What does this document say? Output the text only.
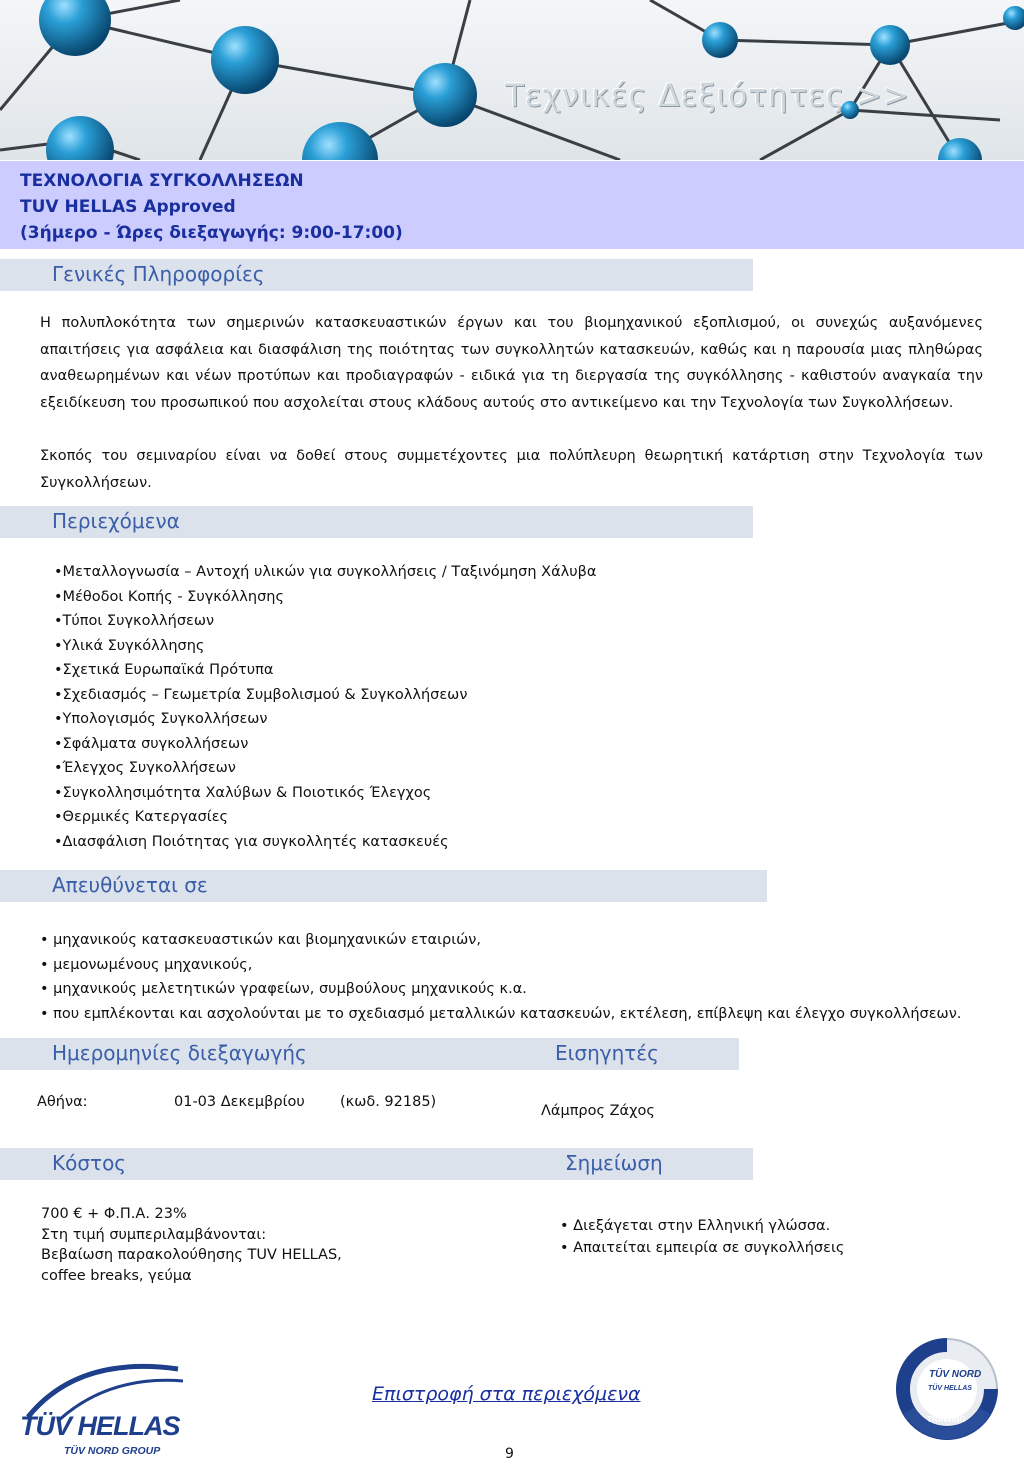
Τεχνικές Δεξιότητες >>
ΤΕΧΝΟΛΟΓΙΑ ΣΥΓΚΟΛΛΗΣΕΩΝ
TUV HELLAS Approved
(3ήμερο - Ώρες διεξαγωγής: 9:00-17:00)
Γενικές Πληροφορίες
Η πολυπλοκότητα των σημερινών κατασκευαστικών έργων και του βιομηχανικού εξοπλισμού, οι συνεχώς αυξανόμενες απαιτήσεις για ασφάλεια και διασφάλιση της ποιότητας των συγκολλητών κατασκευών, καθώς και η παρουσία μιας πληθώρας αναθεωρημένων και νέων προτύπων και προδιαγραφών - ειδικά για τη διεργασία της συγκόλλησης - καθιστούν αναγκαία την εξειδίκευση του προσωπικού που ασχολείται στους κλάδους αυτούς στο αντικείμενο και την Τεχνολογία των Συγκολλήσεων.
Σκοπός του σεμιναρίου είναι να δοθεί στους συμμετέχοντες μια πολύπλευρη θεωρητική κατάρτιση στην Τεχνολογία των Συγκολλήσεων.
Περιεχόμενα
•Μεταλλογνωσία – Αντοχή υλικών για συγκολλήσεις / Ταξινόμηση Χάλυβα
•Μέθοδοι Κοπής - Συγκόλλησης
•Τύποι Συγκολλήσεων
•Υλικά Συγκόλλησης
•Σχετικά Ευρωπαϊκά Πρότυπα
•Σχεδιασμός – Γεωμετρία Συμβολισμού & Συγκολλήσεων
•Υπολογισμός Συγκολλήσεων
•Σφάλματα συγκολλήσεων
•Έλεγχος Συγκολλήσεων
•Συγκολλησιμότητα Χαλύβων & Ποιοτικός Έλεγχος
•Θερμικές Κατεργασίες
•Διασφάλιση Ποιότητας για συγκολλητές κατασκευές
Απευθύνεται σε
• μηχανικούς κατασκευαστικών και βιομηχανικών εταιριών,
• μεμονωμένους μηχανικούς,
• μηχανικούς μελετητικών γραφείων, συμβούλους μηχανικούς κ.α.
• που εμπλέκονται και ασχολούνται με το σχεδιασμό μεταλλικών κατασκευών, εκτέλεση, επίβλεψη και έλεγχο συγκολλήσεων.
Ημερομηνίες διεξαγωγής	Εισηγητές
Αθήνα:	01-03 Δεκεμβρίου (κωδ. 92185)
Λάμπρος Ζάχος
Κόστος	Σημείωση
700 € + Φ.Π.Α. 23%
Στη τιμή συμπεριλαμβάνονται:
Βεβαίωση παρακολούθησης TUV HELLAS,
coffee breaks, γεύμα
• Διεξάγεται στην Ελληνική γλώσσα.
• Απαιτείται εμπειρία σε συγκολλήσεις
TÜV HELLAS
TÜV NORD GROUP
Επιστροφή στα περιεχόμενα
9
TÜV NORD
TÜV HELLAS
TRAINING
